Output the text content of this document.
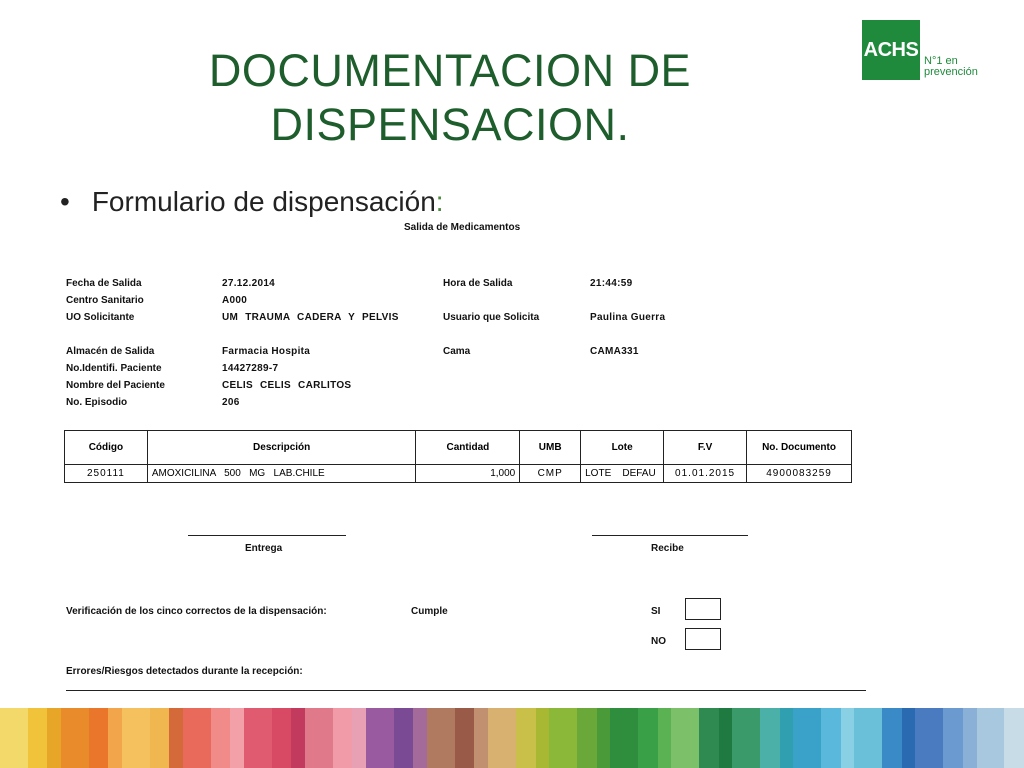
DOCUMENTACION DE
DISPENSACION.
ACHS N°1 en
prevención
• Formulario de dispensación:
Salida de Medicamentos
Fecha de Salida	27.12.2014	Hora de Salida	21:44:59
Centro Sanitario	A000
UO Solicitante	UM TRAUMA CADERA Y PELVIS	Usuario que Solicita	Paulina Guerra
Almacén de Salida	Farmacia Hospita	Cama	CAMA331
No.Identifi. Paciente	14427289-7
Nombre del Paciente	CELIS CELIS CARLITOS
No. Episodio	206
Código	Descripción	Cantidad	UMB	Lote	F.V	No. Documento
250111	AMOXICILINA   500   MG   LAB.CHILE	1,000	CMP	LOTE    DEFAU	01.01.2015	4900083259
Entrega	Recibe
Verificación de los cinco correctos de la dispensación:	Cumple	SI
NO
Errores/Riesgos detectados durante la recepción:
